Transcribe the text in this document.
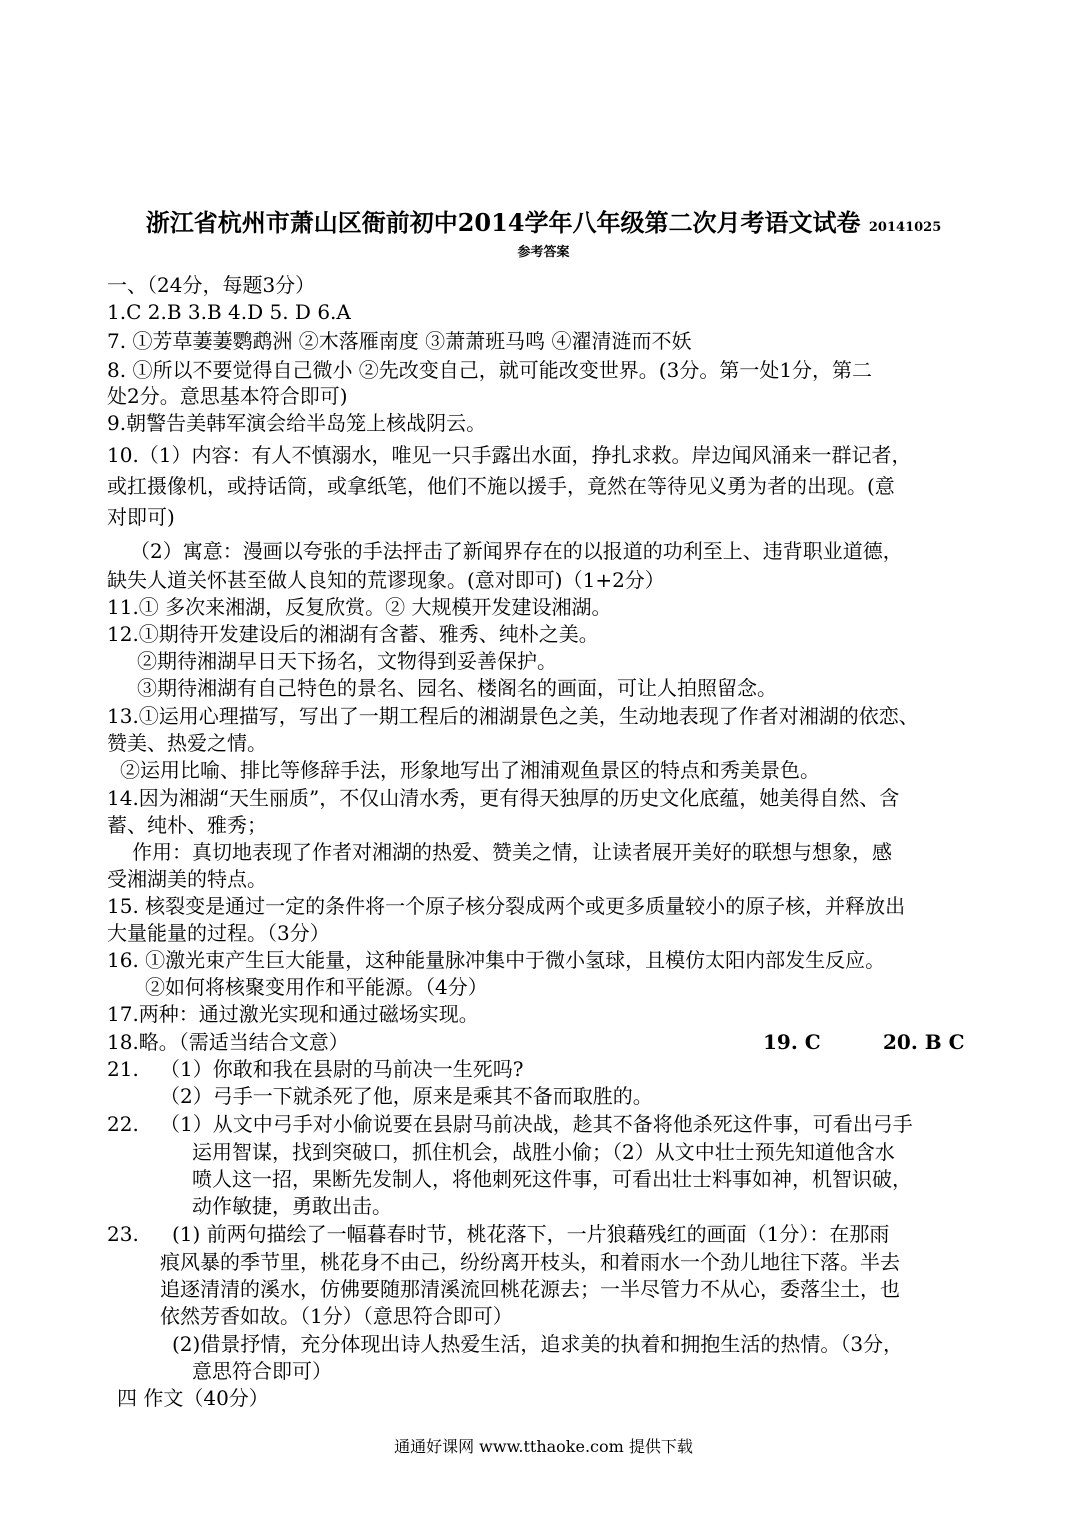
浙江省杭州市萧山区衙前初中2014学年八年级第二次月考语文试卷 20141025
参考答案
一、（24分，每题3分）
1.C 2.B 3.B 4.D 5. D 6.A
7. ①芳草萋萋鹦鹉洲 ②木落雁南度 ③萧萧班马鸣 ④濯清涟而不妖
8. ①所以不要觉得自己微小 ②先改变自己，就可能改变世界。(3分。第一处1分，第二
处2分。意思基本符合即可)
9.朝警告美韩军演会给半岛笼上核战阴云。
10.（1）内容：有人不慎溺水，唯见一只手露出水面，挣扎求救。岸边闻风涌来一群记者，
或扛摄像机，或持话筒，或拿纸笔，他们不施以援手，竟然在等待见义勇为者的出现。(意
对即可)
（2）寓意：漫画以夸张的手法抨击了新闻界存在的以报道的功利至上、违背职业道德，
缺失人道关怀甚至做人良知的荒谬现象。(意对即可)（1+2分）
11.① 多次来湘湖，反复欣赏。② 大规模开发建设湘湖。
12.①期待开发建设后的湘湖有含蓄、雅秀、纯朴之美。
②期待湘湖早日天下扬名，文物得到妥善保护。
③期待湘湖有自己特色的景名、园名、楼阁名的画面，可让人拍照留念。
13.①运用心理描写，写出了一期工程后的湘湖景色之美，生动地表现了作者对湘湖的依恋、
赞美、热爱之情。
②运用比喻、排比等修辞手法，形象地写出了湘浦观鱼景区的特点和秀美景色。
14.因为湘湖“天生丽质”，不仅山清水秀，更有得天独厚的历史文化底蕴，她美得自然、含
蓄、纯朴、雅秀；
作用：真切地表现了作者对湘湖的热爱、赞美之情，让读者展开美好的联想与想象，感
受湘湖美的特点。
15. 核裂变是通过一定的条件将一个原子核分裂成两个或更多质量较小的原子核，并释放出
大量能量的过程。（3分）
16. ①激光束产生巨大能量，这种能量脉冲集中于微小氢球，且模仿太阳内部发生反应。
②如何将核聚变用作和平能源。（4分）
17.两种：通过激光实现和通过磁场实现。
18.略。（需适当结合文意）	19. C	20. B C
21. （1）你敢和我在县尉的马前决一生死吗?
（2）弓手一下就杀死了他，原来是乘其不备而取胜的。
22. （1）从文中弓手对小偷说要在县尉马前决战，趁其不备将他杀死这件事，可看出弓手
运用智谋，找到突破口，抓住机会，战胜小偷；（2）从文中壮士预先知道他含水
喷人这一招，果断先发制人，将他刺死这件事，可看出壮士料事如神，机智识破，
动作敏捷，勇敢出击。
23. (1) 前两句描绘了一幅暮春时节，桃花落下，一片狼藉残红的画面（1分）：在那雨
痕风暴的季节里，桃花身不由己，纷纷离开枝头，和着雨水一个劲儿地往下落。半去
追逐清清的溪水，仿佛要随那清溪流回桃花源去；一半尽管力不从心，委落尘土，也
依然芳香如故。（1分）（意思符合即可）
(2)借景抒情，充分体现出诗人热爱生活，追求美的执着和拥抱生活的热情。（3分，
意思符合即可）
四 作文（40分）
通通好课网 www.tthaoke.com 提供下载
